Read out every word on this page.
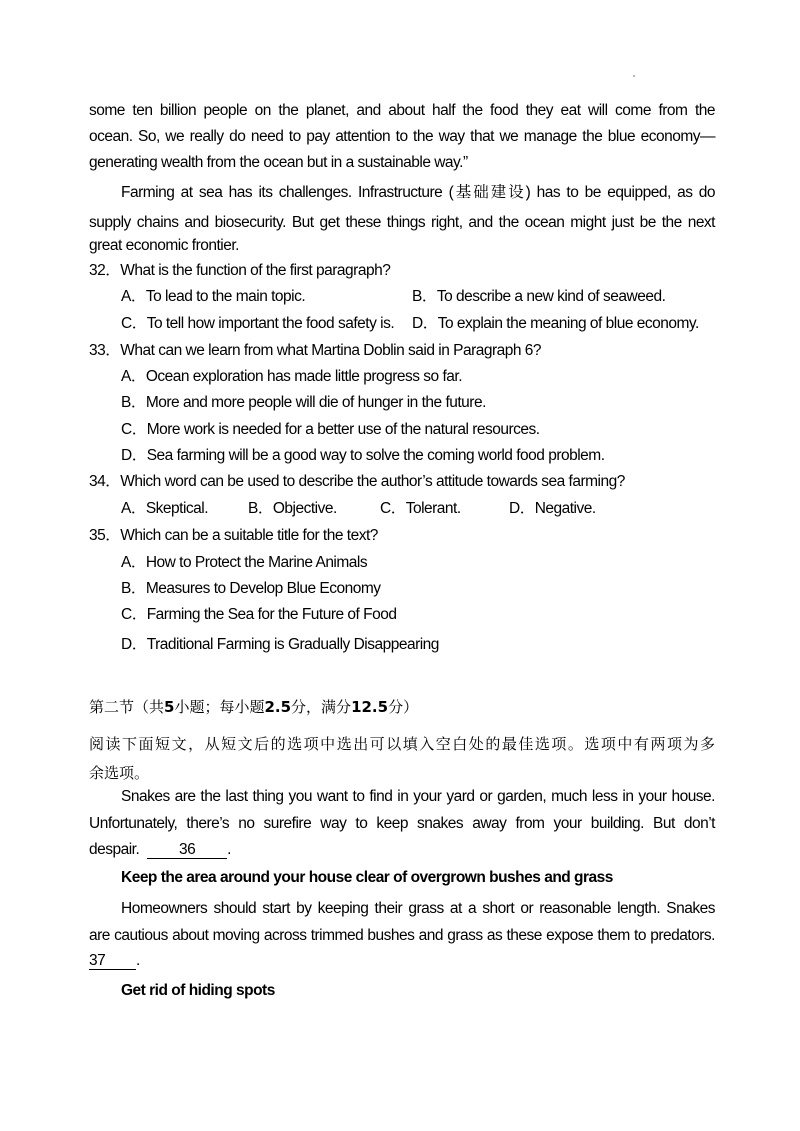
some ten billion people on the planet, and about half the food they eat will come from the
ocean. So, we really do need to pay attention to the way that we manage the blue economy—
generating wealth from the ocean but in a sustainable way.”
Farming at sea has its challenges. Infrastructure (基础建设) has to be equipped, as do
supply chains and biosecurity. But get these things right, and the ocean might just be the next
great economic frontier.
32．What is the function of the first paragraph?
A．To lead to the main topic.	B．To describe a new kind of seaweed.
C．To tell how important the food safety is.	D．To explain the meaning of blue economy.
33．What can we learn from what Martina Doblin said in Paragraph 6?
A．Ocean exploration has made little progress so far.
B．More and more people will die of hunger in the future.
C．More work is needed for a better use of the natural resources.
D．Sea farming will be a good way to solve the coming world food problem.
34．Which word can be used to describe the author’s attitude towards sea farming?
A．Skeptical.	B．Objective.	C．Tolerant.	D．Negative.
35．Which can be a suitable title for the text?
A．How to Protect the Marine Animals
B．Measures to Develop Blue Economy
C．Farming the Sea for the Future of Food
D．Traditional Farming is Gradually Disappearing
第二节（共5小题；每小题2.5分，满分12.5分）
阅读下面短文，从短文后的选项中选出可以填入空白处的最佳选项。选项中有两项为多
余选项。
Snakes are the last thing you want to find in your yard or garden, much less in your house.
Unfortunately, there’s no surefire way to keep snakes away from your building. But don’t
despair.	36 .
Keep the area around your house clear of overgrown bushes and grass
Homeowners should start by keeping their grass at a short or reasonable length. Snakes
are cautious about moving across trimmed bushes and grass as these expose them to predators.
37 .
Get rid of hiding spots
